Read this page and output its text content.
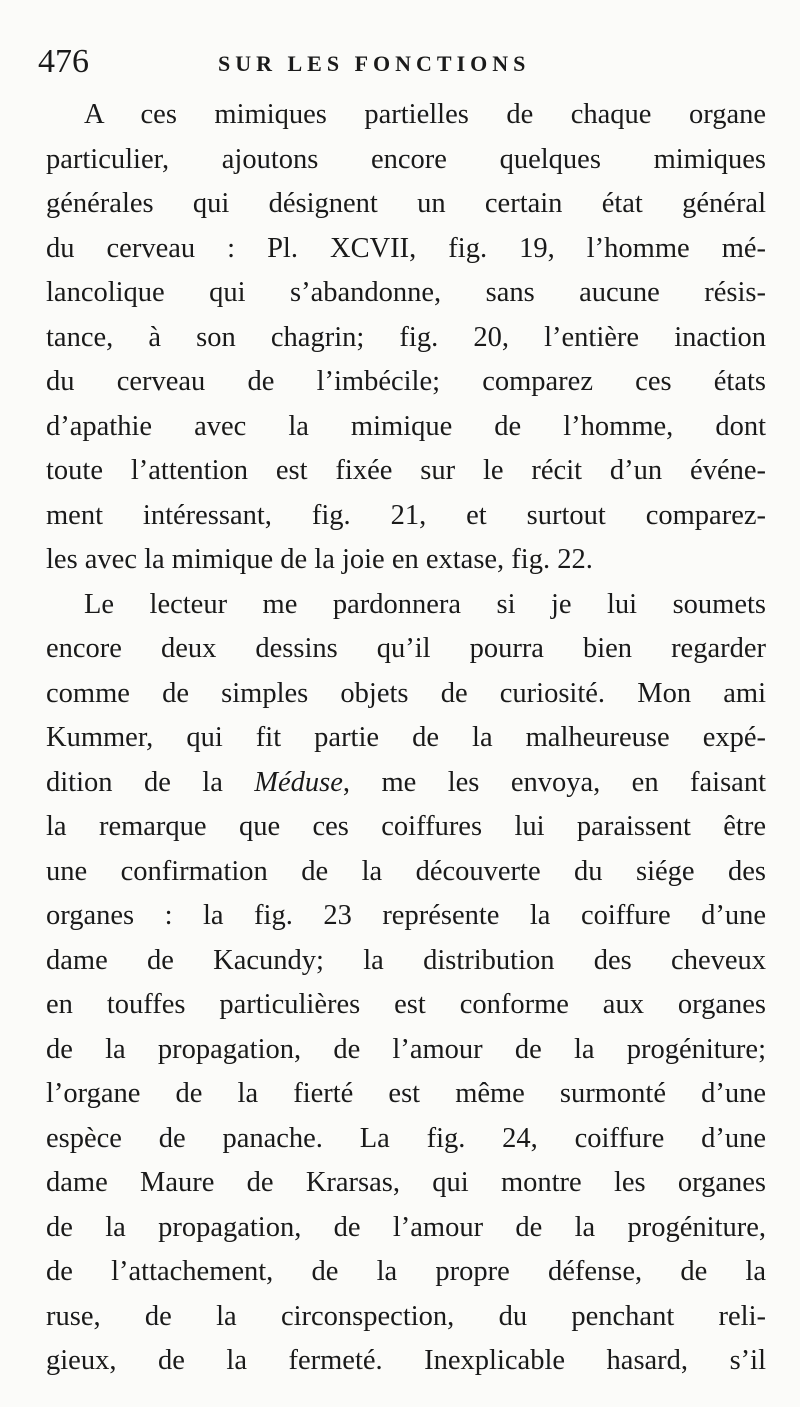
476	SUR LES FONCTIONS
A ces mimiques partielles de chaque organe
particulier, ajoutons encore quelques mimiques
générales qui désignent un certain état général
du cerveau : Pl. XCVII, fig. 19, l’homme mé-
lancolique qui s’abandonne, sans aucune résis-
tance, à son chagrin; fig. 20, l’entière inaction
du cerveau de l’imbécile; comparez ces états
d’apathie avec la mimique de l’homme, dont
toute l’attention est fixée sur le récit d’un événe-
ment intéressant, fig. 21, et surtout comparez-
les avec la mimique de la joie en extase, fig. 22.
Le lecteur me pardonnera si je lui soumets
encore deux dessins qu’il pourra bien regarder
comme de simples objets de curiosité. Mon ami
Kummer, qui fit partie de la malheureuse expé-
dition de la Méduse, me les envoya, en faisant
la remarque que ces coiffures lui paraissent être
une confirmation de la découverte du siége des
organes : la fig. 23 représente la coiffure d’une
dame de Kacundy; la distribution des cheveux
en touffes particulières est conforme aux organes
de la propagation, de l’amour de la progéniture;
l’organe de la fierté est même surmonté d’une
espèce de panache. La fig. 24, coiffure d’une
dame Maure de Krarsas, qui montre les organes
de la propagation, de l’amour de la progéniture,
de l’attachement, de la propre défense, de la
ruse, de la circonspection, du penchant reli-
gieux, de la fermeté. Inexplicable hasard, s’il
